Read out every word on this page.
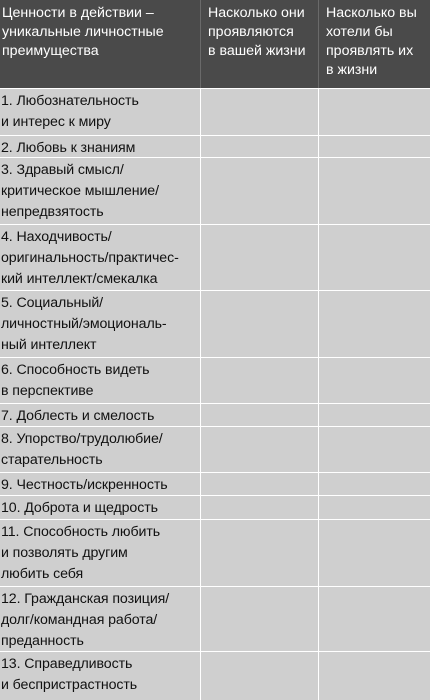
Ценности в действии –
уникальные личностные
преимущества
Насколько они
проявляются
в вашей жизни
Насколько вы
хотели бы
проявлять их
в жизни
1. Любознательность
и интерес к миру
2. Любовь к знаниям
3. Здравый смысл/
критическое мышление/
непредвзятость
4. Находчивость/
оригинальность/практичес-
кий интеллект/смекалка
5. Социальный/
личностный/эмоциональ-
ный интеллект
6. Способность видеть
в перспективе
7. Доблесть и смелость
8. Упорство/трудолюбие/
старательность
9. Честность/искренность
10. Доброта и щедрость
11. Способность любить
и позволять другим
любить себя
12. Гражданская позиция/
долг/командная работа/
преданность
13. Справедливость
и беспристрастность
